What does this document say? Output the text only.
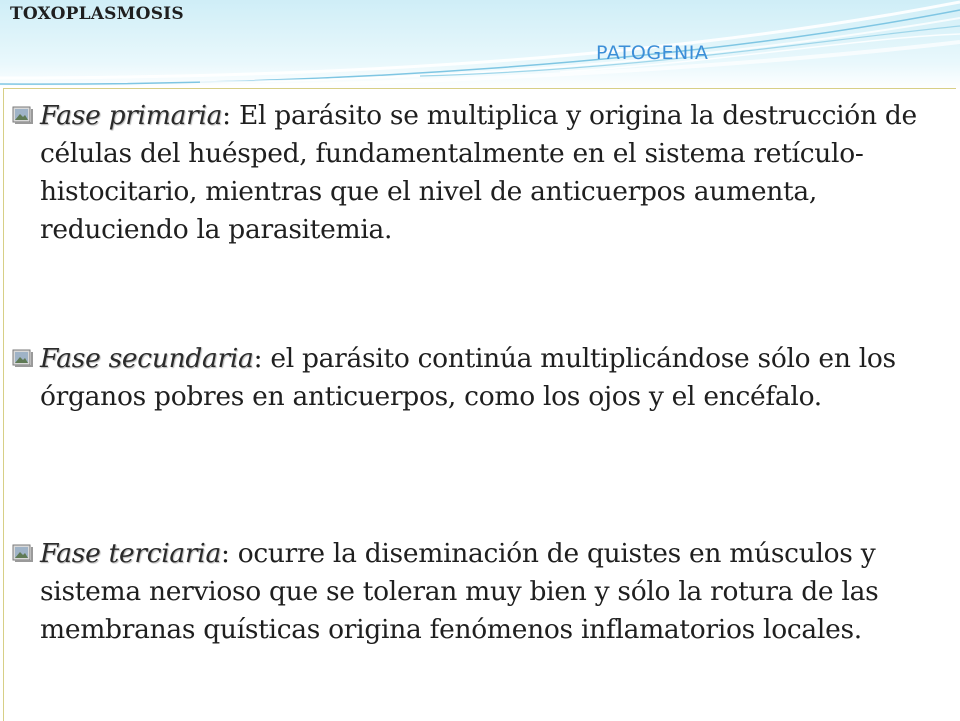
TOXOPLASMOSIS
PATOGENIA
Fase primaria: El parásito se multiplica y origina la destrucción de células del huésped, fundamentalmente en el sistema retículo-histocitario, mientras que el nivel de anticuerpos aumenta, reduciendo la parasitemia.
Fase secundaria: el parásito continúa multiplicándose sólo en los órganos pobres en anticuerpos, como los ojos y el encéfalo.
Fase terciaria: ocurre la diseminación de quistes en músculos y sistema nervioso que se toleran muy bien y sólo la rotura de las membranas quísticas origina fenómenos inflamatorios locales.
